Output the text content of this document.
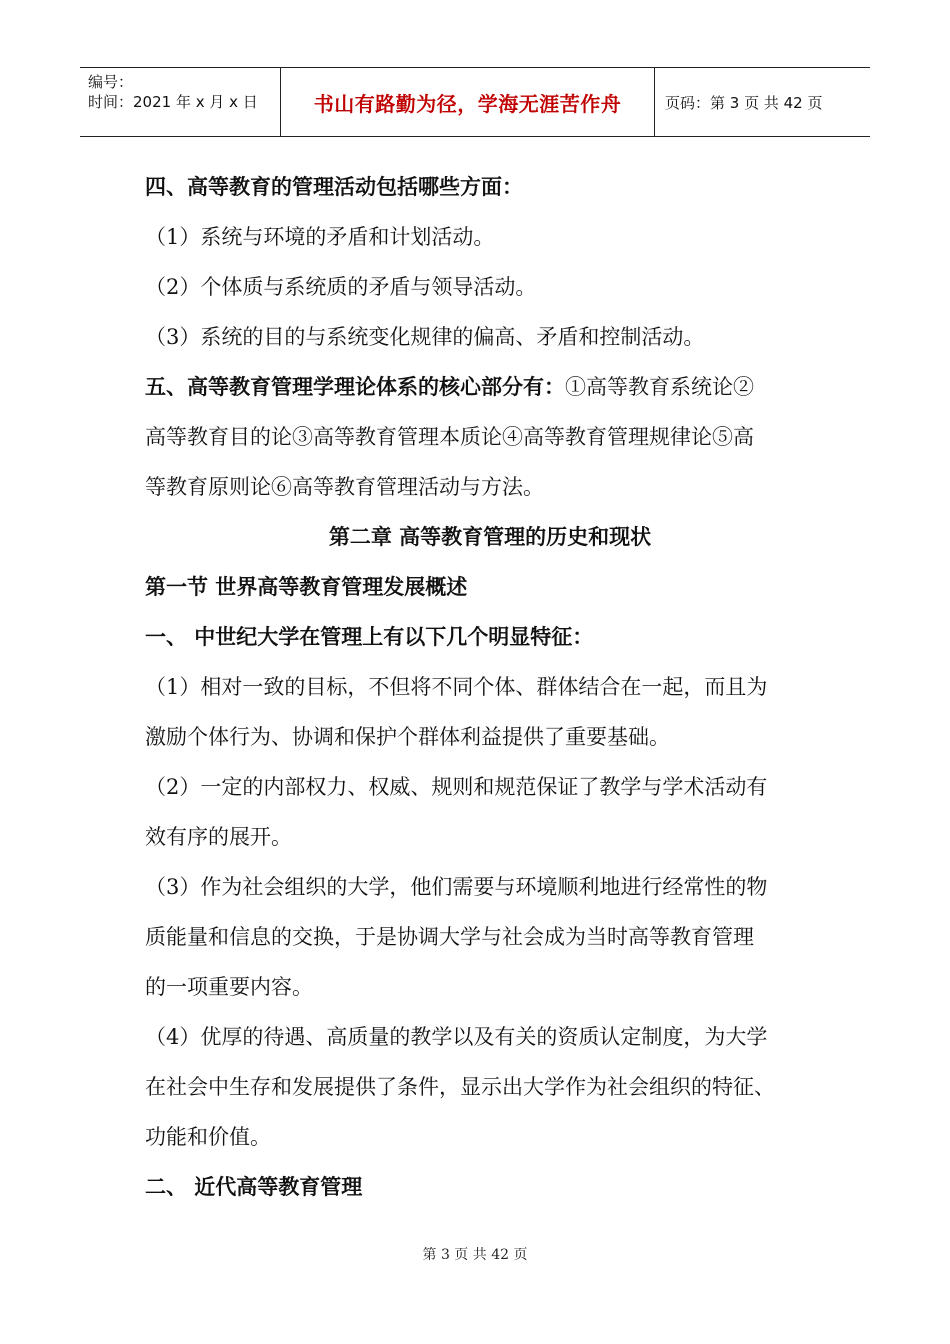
编号：
时间：2021 年 x 月 x 日	书山有路勤为径，学海无涯苦作舟	页码：第 3 页 共 42 页
四、高等教育的管理活动包括哪些方面：
（1）系统与环境的矛盾和计划活动。
（2）个体质与系统质的矛盾与领导活动。
（3）系统的目的与系统变化规律的偏高、矛盾和控制活动。
五、高等教育管理学理论体系的核心部分有：①高等教育系统论②
高等教育目的论③高等教育管理本质论④高等教育管理规律论⑤高
等教育原则论⑥高等教育管理活动与方法。
第二章 高等教育管理的历史和现状
第一节 世界高等教育管理发展概述
一、 中世纪大学在管理上有以下几个明显特征：
（1）相对一致的目标，不但将不同个体、群体结合在一起，而且为
激励个体行为、协调和保护个群体利益提供了重要基础。
（2）一定的内部权力、权威、规则和规范保证了教学与学术活动有
效有序的展开。
（3）作为社会组织的大学，他们需要与环境顺利地进行经常性的物
质能量和信息的交换，于是协调大学与社会成为当时高等教育管理
的一项重要内容。
（4）优厚的待遇、高质量的教学以及有关的资质认定制度，为大学
在社会中生存和发展提供了条件，显示出大学作为社会组织的特征、
功能和价值。
二、 近代高等教育管理
第 3 页 共 42 页
